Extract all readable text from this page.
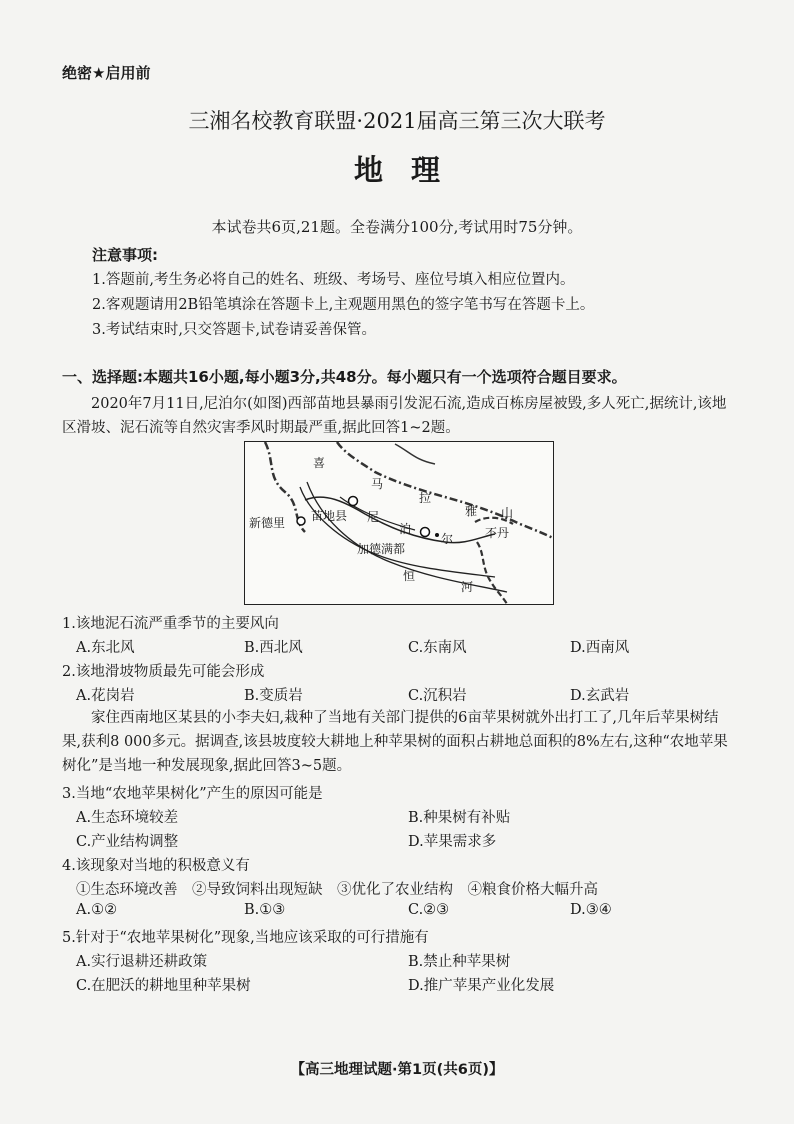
绝密★启用前
三湘名校教育联盟·2021届高三第三次大联考
地理
本试卷共6页,21题。全卷满分100分,考试用时75分钟。
注意事项:
1.答题前,考生务必将自己的姓名、班级、考场号、座位号填入相应位置内。
2.客观题请用2B铅笔填涂在答题卡上,主观题用黑色的签字笔书写在答题卡上。
3.考试结束时,只交答题卡,试卷请妥善保管。
一、选择题:本题共16小题,每小题3分,共48分。每小题只有一个选项符合题目要求。
2020年7月11日,尼泊尔(如图)西部苗地县暴雨引发泥石流,造成百栋房屋被毁,多人死亡,据统计,该地区滑坡、泥石流等自然灾害季风时期最严重,据此回答1~2题。
喜
马
拉
雅 山
新德里 苗地县 尼
泊
尔	不丹
加德满都
恒
河
1.该地泥石流严重季节的主要风向
A.东北风	B.西北风	C.东南风	D.西南风
2.该地滑坡物质最先可能会形成
A.花岗岩	B.变质岩	C.沉积岩	D.玄武岩
家住西南地区某县的小李夫妇,栽种了当地有关部门提供的6亩苹果树就外出打工了,几年后苹果树结果,获利8 000多元。据调查,该县坡度较大耕地上种苹果树的面积占耕地总面积的8%左右,这种“农地苹果树化”是当地一种发展现象,据此回答3~5题。
3.当地“农地苹果树化”产生的原因可能是
A.生态环境较差	B.种果树有补贴
C.产业结构调整	D.苹果需求多
4.该现象对当地的积极意义有
①生态环境改善　②导致饲料出现短缺　③优化了农业结构　④粮食价格大幅升高
A.①②	B.①③	C.②③	D.③④
5.针对于“农地苹果树化”现象,当地应该采取的可行措施有
A.实行退耕还耕政策	B.禁止种苹果树
C.在肥沃的耕地里种苹果树	D.推广苹果产业化发展
【高三地理试题·第1页(共6页)】
